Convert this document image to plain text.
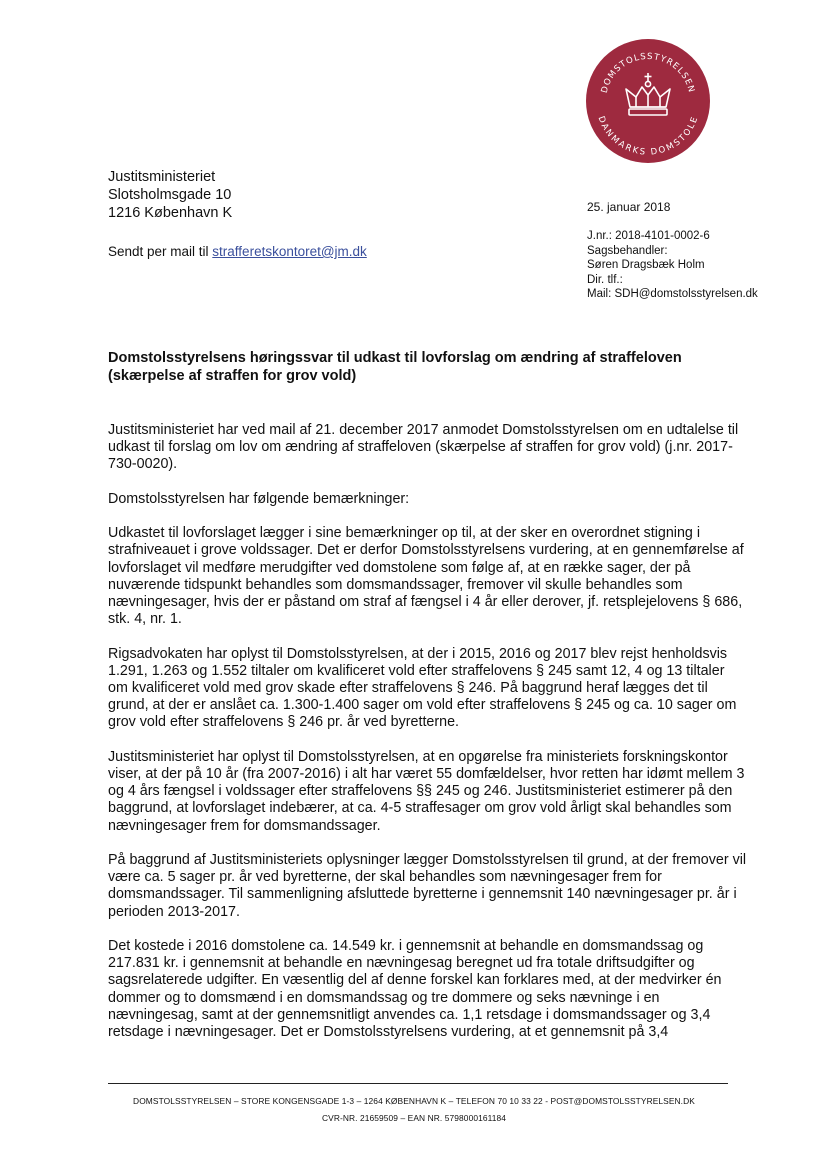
DOMSTOLSSTYRELSEN
DANMARKS DOMSTOLE
Justitsministeriet
Slotsholmsgade 10
1216 København K
Sendt per mail til strafferetskontoret@jm.dk
25. januar 2018
J.nr.: 2018-4101-0002-6
Sagsbehandler:
Søren Dragsbæk Holm
Dir. tlf.:
Mail: SDH@domstolsstyrelsen.dk
Domstolsstyrelsens høringssvar til udkast til lovforslag om ændring af straffeloven (skærpelse af straffen for grov vold)

Justitsministeriet har ved mail af 21. december 2017 anmodet Domstolsstyrelsen om en udtalelse til udkast til forslag om lov om ændring af straffeloven (skærpelse af straffen for grov vold) (j.nr. 2017-730-0020).

Domstolsstyrelsen har følgende bemærkninger:

Udkastet til lovforslaget lægger i sine bemærkninger op til, at der sker en overordnet stigning i strafniveauet i grove voldssager. Det er derfor Domstolsstyrelsens vurdering, at en gennemførelse af lovforslaget vil medføre merudgifter ved domstolene som følge af, at en række sager, der på nuværende tidspunkt behandles som domsmandssager, fremover vil skulle behandles som nævningesager, hvis der er påstand om straf af fængsel i 4 år eller derover, jf. retsplejelovens § 686, stk. 4, nr. 1.

Rigsadvokaten har oplyst til Domstolsstyrelsen, at der i 2015, 2016 og 2017 blev rejst henholdsvis 1.291, 1.263 og 1.552 tiltaler om kvalificeret vold efter straffelovens § 245 samt 12, 4 og 13 tiltaler om kvalificeret vold med grov skade efter straffelovens § 246. På baggrund heraf lægges det til grund, at der er anslået ca. 1.300-1.400 sager om vold efter straffelovens § 245 og ca. 10 sager om grov vold efter straffelovens § 246 pr. år ved byretterne.

Justitsministeriet har oplyst til Domstolsstyrelsen, at en opgørelse fra ministeriets forskningskontor viser, at der på 10 år (fra 2007-2016) i alt har været 55 domfældelser, hvor retten har idømt mellem 3 og 4 års fængsel i voldssager efter straffelovens §§ 245 og 246. Justitsministeriet estimerer på den baggrund, at lovforslaget indebærer, at ca. 4-5 straffesager om grov vold årligt skal behandles som nævningesager frem for domsmandssager.

På baggrund af Justitsministeriets oplysninger lægger Domstolsstyrelsen til grund, at der fremover vil være ca. 5 sager pr. år ved byretterne, der skal behandles som nævningesager frem for domsmandssager. Til sammenligning afsluttede byretterne i gennemsnit 140 nævningesager pr. år i perioden 2013-2017.

Det kostede i 2016 domstolene ca. 14.549 kr. i gennemsnit at behandle en domsmandssag og 217.831 kr. i gennemsnit at behandle en nævningesag beregnet ud fra totale driftsudgifter og sagsrelaterede udgifter. En væsentlig del af denne forskel kan forklares med, at der medvirker én dommer og to domsmænd i en domsmandssag og tre dommere og seks nævninge i en nævningesag, samt at der gennemsnitligt anvendes ca. 1,1 retsdage i domsmandssager og 3,4 retsdage i nævningesager. Det er Domstolsstyrelsens vurdering, at et gennemsnit på 3,4

DOMSTOLSSTYRELSEN – STORE KONGENSGADE 1-3 – 1264 KØBENHAVN K – TELEFON 70 10 33 22 - POST@DOMSTOLSSTYRELSEN.DK
CVR-NR. 21659509 – EAN NR. 5798000161184
